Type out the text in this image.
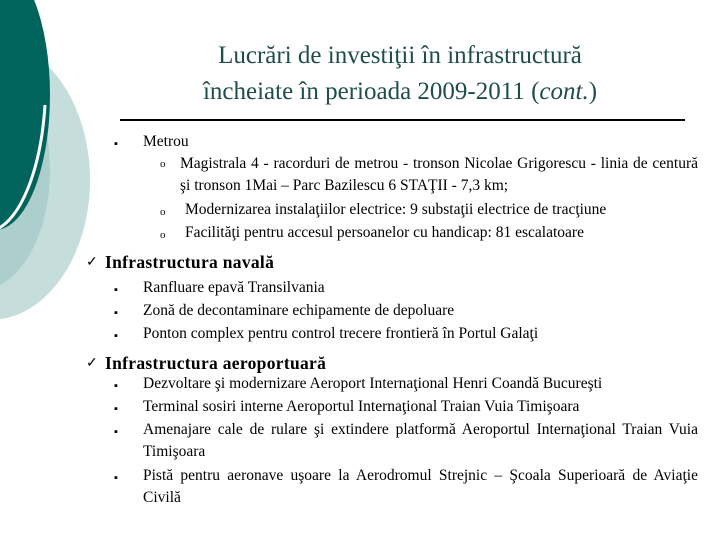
Lucrări de investiţii în infrastructură
încheiate în perioada 2009-2011 (cont.)
▪ Metrou
o Magistrala 4 - racorduri de metrou - tronson Nicolae Grigorescu - linia de centură şi tronson 1Mai – Parc Bazilescu 6 STAŢII - 7,3 km;
o Modernizarea instalaţiilor electrice: 9 substaţii electrice de tracţiune
o Facilităţi pentru accesul persoanelor cu handicap: 81 escalatoare
✓ Infrastructura navală
▪ Ranfluare epavă Transilvania
▪ Zonă de decontaminare echipamente de depoluare
▪ Ponton complex pentru control trecere frontieră în Portul Galaţi
✓ Infrastructura aeroportuară
▪ Dezvoltare şi modernizare Aeroport Internaţional Henri Coandă Bucureşti
▪ Terminal sosiri interne Aeroportul Internaţional Traian Vuia Timişoara
▪ Amenajare cale de rulare şi extindere platformă Aeroportul Internaţional Traian Vuia Timişoara
▪ Pistă pentru aeronave uşoare la Aerodromul Strejnic – Şcoala Superioară de Aviaţie Civilă
